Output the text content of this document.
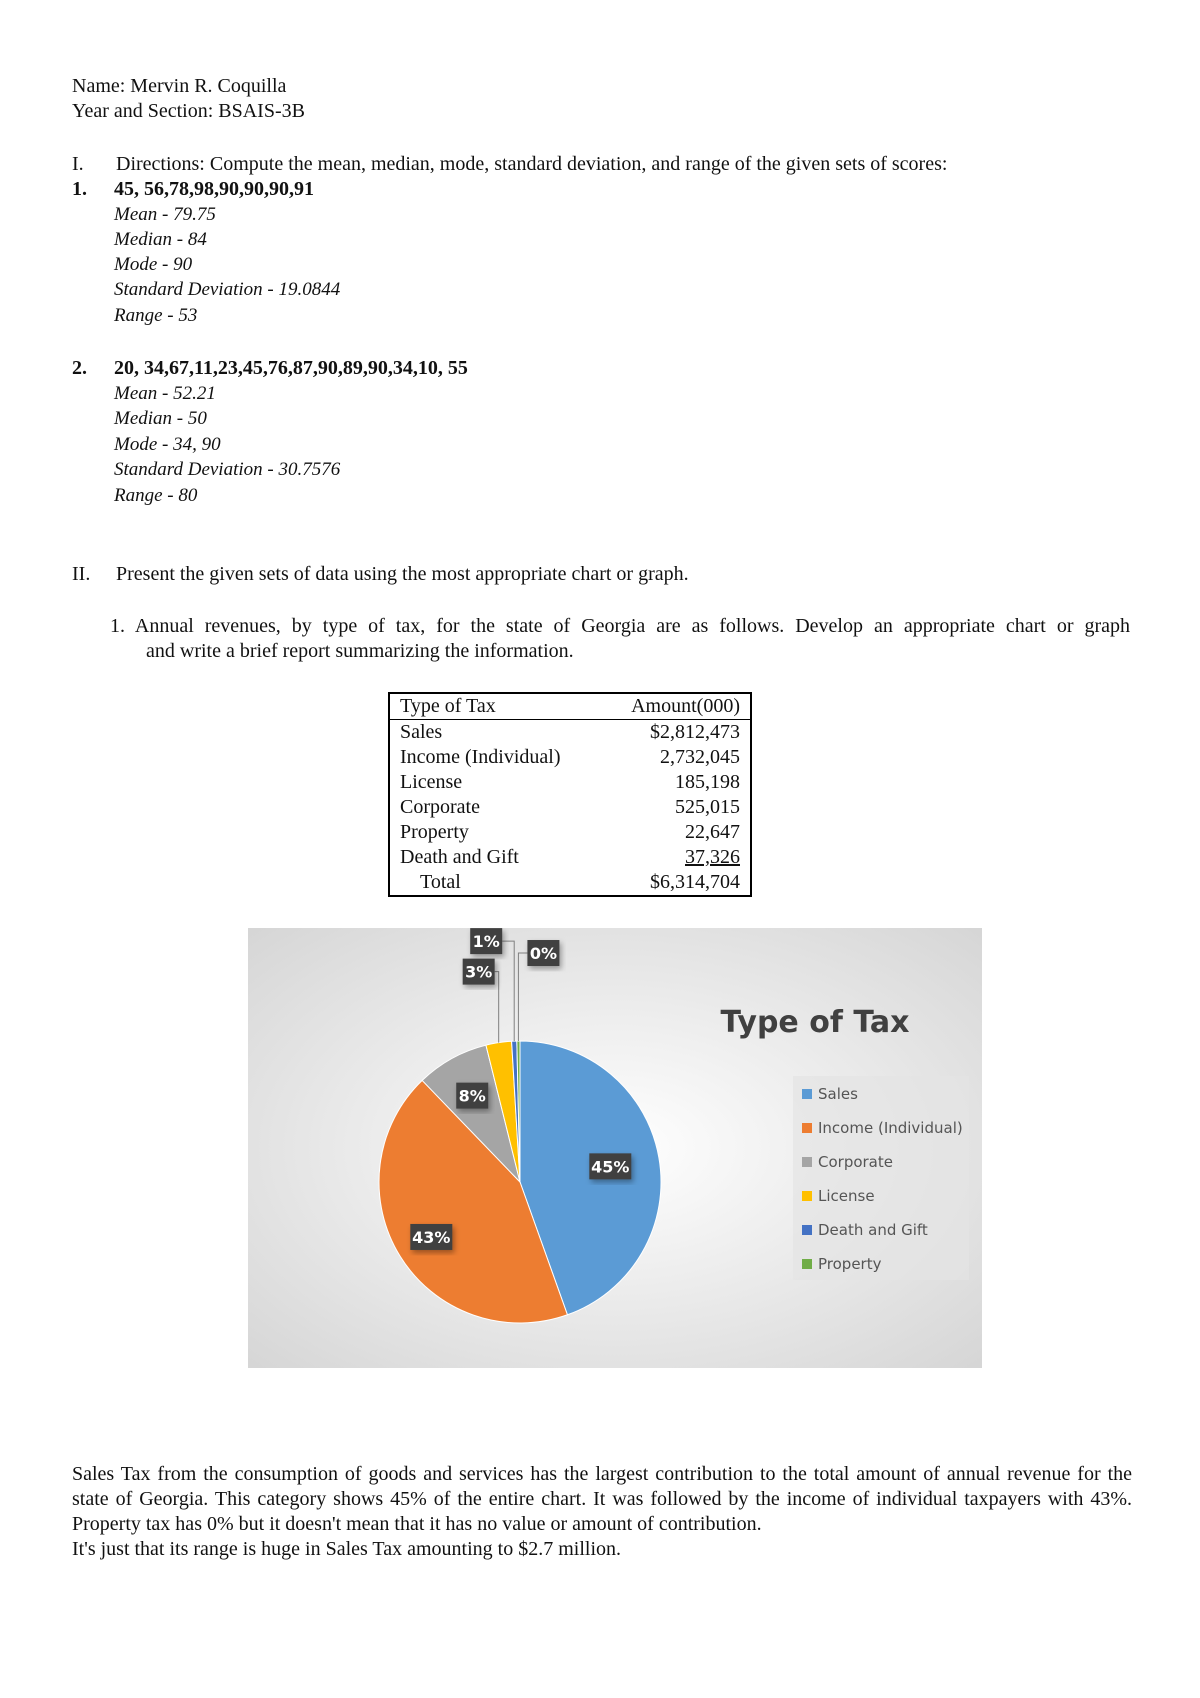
Name: Mervin R. Coquilla
Year and Section: BSAIS-3B
I. Directions: Compute the mean, median, mode, standard deviation, and range of the given sets of scores:
1. 45, 56,78,98,90,90,90,91
Mean - 79.75
Median - 84
Mode - 90
Standard Deviation - 19.0844
Range - 53
2. 20, 34,67,11,23,45,76,87,90,89,90,34,10, 55
Mean - 52.21
Median - 50
Mode - 34, 90
Standard Deviation - 30.7576
Range - 80
II. Present the given sets of data using the most appropriate chart or graph.
1. Annual revenues, by type of tax, for the state of Georgia are as follows. Develop an appropriate chart or graph
and write a brief report summarizing the information.
Type of Tax	Amount(000)
Sales	$2,812,473
Income (Individual)	2,732,045
License	185,198
Corporate	525,015
Property	22,647
Death and Gift	37,326
Total	$6,314,704
45%
43%
8%
3%
1%
0%
Type of Tax
Sales
Income (Individual)
Corporate
License
Death and Gift
Property
Sales Tax from the consumption of goods and services has the largest contribution to the total amount of annual revenue for the state of Georgia. This category shows 45% of the entire chart. It was followed by the income of individual taxpayers with 43%. Property tax has 0% but it doesn't mean that it has no value or amount of contribution.
It's just that its range is huge in Sales Tax amounting to $2.7 million.
